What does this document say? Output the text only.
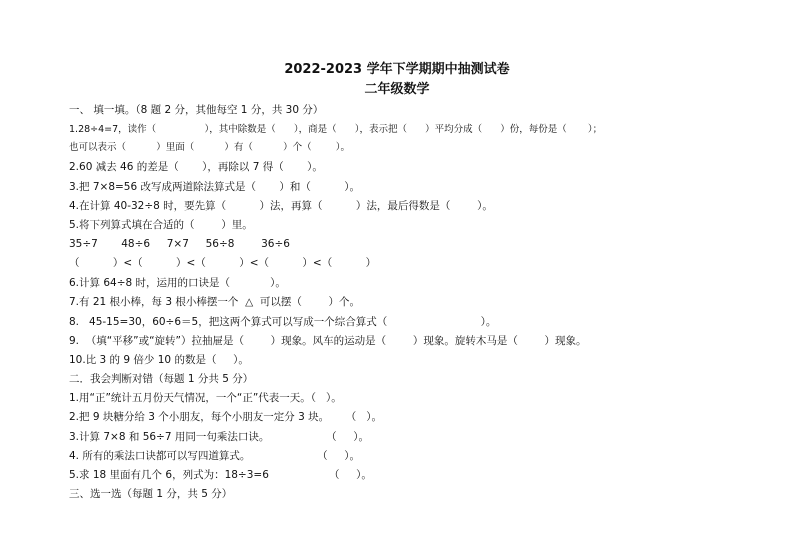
2022-2023 学年下学期期中抽测试卷
二年级数学
一、 填一填。（8 题 2 分，其他每空 1 分，共 30 分）
1.28÷4=7，读作（                ），其中除数是（      ），商是（      ），表示把（      ）平均分成（      ）份，每份是（       ）；
也可以表示（          ）里面（          ）有（          ）个（        ）。
2.60 减去 46 的差是（       ），再除以 7 得（       ）。
3.把 7×8=56 改写成两道除法算式是（       ）和（          ）。
4.在计算 40-32÷8 时，要先算（          ）法，再算（          ）法，最后得数是（        ）。
5.将下列算式填在合适的（        ）里。
35÷7       48÷6     7×7     56÷8        36÷6
（          ）<（          ）<（          ）<（          ）<（          ）
6.计算 64÷8 时，运用的口诀是（            ）。
7.有 21 根小棒，每 3 根小棒摆一个  △  可以摆（        ）个。
8.   45-15=30，60÷6＝5，把这两个算式可以写成一个综合算式（                            ）。
9.  （填“平移”或“旋转”）拉抽屉是（        ）现象。风车的运动是（        ）现象。旋转木马是（        ）现象。
10.比 3 的 9 倍少 10 的数是（     ）。
二．我会判断对错（每题 1 分共 5 分）
1.用“正”统计五月份天气情况，一个“正”代表一天。（   ）。
2.把 9 块糖分给 3 个小朋友，每个小朋友一定分 3 块。     （   ）。
3.计算 7×8 和 56÷7 用同一句乘法口诀。                 （     ）。
4. 所有的乘法口诀都可以写四道算式。                    （     ）。
5.求 18 里面有几个 6，列式为：18÷3=6                  （     ）。
三、选一选（每题 1 分，共 5 分）
